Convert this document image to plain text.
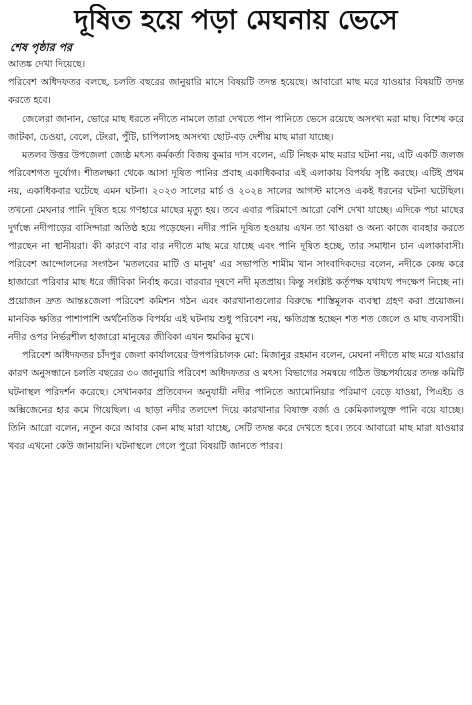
দূষিত হয়ে পড়া মেঘনায় ভেসে
শেষ পৃষ্ঠার পর

আতঙ্ক দেখা দিয়েছে।

পরিবেশ অধিদফতর বলছে, চলতি বছরের জানুয়ারি মাসে বিষয়টি তদন্ত হয়েছে। আবারো মাছ মরে যাওয়ার বিষয়টি তদন্ত করতে হবে।

জেলেরা জানান, ভোরে মাছ ধরতে নদীতে নামলে তারা দেখতে পান পানিতে ভেসে রয়েছে অসংখ্য মরা মাছ। বিশেষ করে জাটকা, চেওয়া, বেলে, টেংরা, পুঁটি, চাপিলাসহ অসংখ্য ছোট-বড় দেশীয় মাছ মারা যাচ্ছে।

মতলব উত্তর উপজেলা জ্যেষ্ঠ মৎস্য কর্মকর্তা বিজয় কুমার দাস বলেন, এটি নিছক মাছ মরার ঘটনা নয়, এটি একটি জলজ পরিবেশগত দুর্যোগ। শীতলক্ষ্যা থেকে আসা দূষিত পানির প্রবাহ একাধিকবার এই এলাকায় বিপর্যয় সৃষ্টি করছে। এটিই প্রথম নয়, একাধিকবার ঘটেছে এমন ঘটনা। ২০২৩ সালের মার্চ ও ২০২৪ সালের আগস্ট মাসেও একই ধরনের ঘটনা ঘটেছিল। তখনো মেঘনার পানি দূষিত হয়ে গণহারে মাছের মৃত্যু হয়। তবে এবার পরিমাণে আরো বেশি দেখা যাচ্ছে। এদিকে পচা মাছের দুর্গন্ধে নদীপাড়ের বাসিন্দারা অতিষ্ঠ হয়ে পড়েছেন। নদীর পানি দূষিত হওয়ায় এখন তা খাওয়া ও অন্য কাজে ব্যবহার করতে পারছেন না স্থানীয়রা। কী কারণে বার বার নদীতে মাছ মরে যাচ্ছে এবং পানি দূষিত হচ্ছে, তার সমাধান চান এলাকাবাসী। পরিবেশ আন্দোলনের সংগঠন 'মতলবের মাটি ও মানুষ' এর সভাপতি শামীম খান সাংবাদিকদের বলেন, নদীকে কেন্দ্র করে হাজারো পরিবার মাছ ধরে জীবিকা নির্বাহ করে। বারবার দূষণে নদী মৃতপ্রায়। কিন্তু সংশ্লিষ্ট কর্তৃপক্ষ যথাযথ পদক্ষেপ নিচ্ছে না। প্রয়োজন দ্রুত আন্তঃজেলা পরিবেশ কমিশন গঠন এবং কারখানাগুলোর বিরুদ্ধে শাস্তিমূলক ব্যবস্থা গ্রহণ করা প্রয়োজন। মানবিক ক্ষতির পাশাপাশি অর্থনৈতিক বিপর্যয় এই ঘটনায় শুধু পরিবেশ নয়, ক্ষতিগ্রস্ত হচ্ছেন শত শত জেলে ও মাছ ব্যবসায়ী। নদীর ওপর নির্ভরশীল হাজারো মানুষের জীবিকা এখন হুমকির মুখে।

পরিবেশ অধিদফতর চাঁদপুর জেলা কার্যালয়ের উপপরিচালক মো: মিজানুর রহমান বলেন, মেঘনা নদীতে মাছ মরে যাওয়ার কারণ অনুসন্ধানে চলতি বছরের ৩০ জানুয়ারি পরিবেশ অধিদফতর ও মৎস্য বিভাগের সমন্বয়ে গঠিত উচ্চপর্যায়ের তদন্ত কমিটি ঘটনাস্থল পরিদর্শন করেছে। সেখানকার প্রতিবেদন অনুযায়ী নদীর পানিতে অ্যামোনিয়ার পরিমাণ বেড়ে যাওয়া, পিএইচ ও অক্সিজেনের হার কমে গিয়েছিল। এ ছাড়া নদীর তলদেশ দিয়ে কারখানার বিষাক্ত বর্জ্য ও কেমিক্যালযুক্ত পানি বয়ে যাচ্ছে। তিনি আরো বলেন, নতুন করে আবার কেন মাছ মারা যাচ্ছে, সেটি তদন্ত করে দেখতে হবে। তবে আবারো মাছ মারা যাওয়ার খবর এখনো কেউ জানায়নি। ঘটনাস্থলে গেলে পুরো বিষয়টি জানতে পারব।
